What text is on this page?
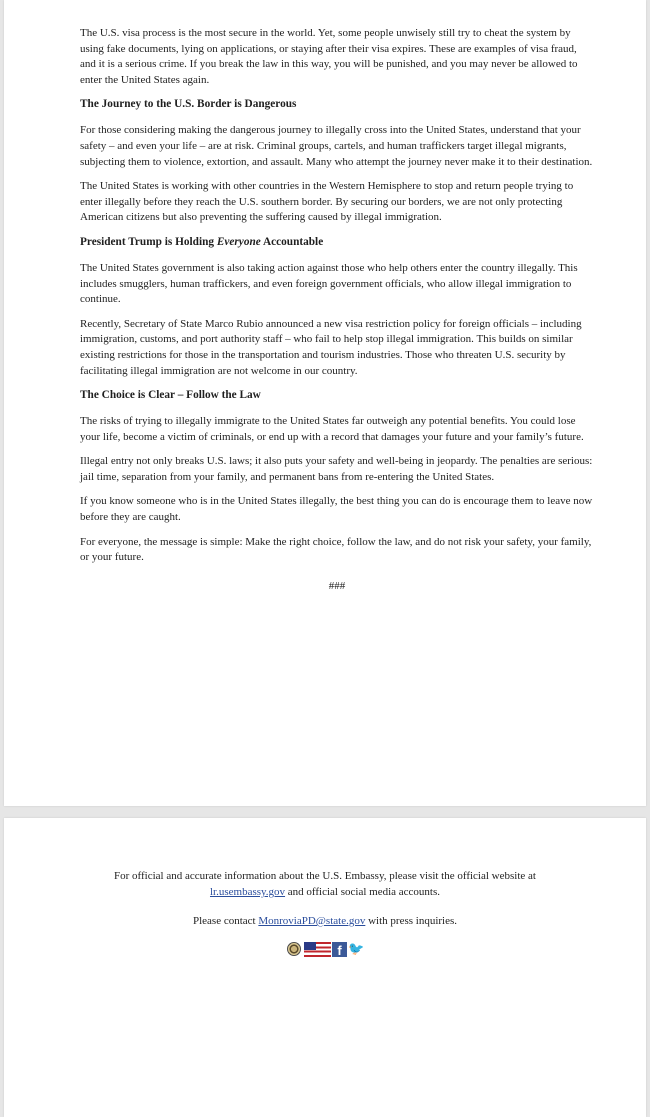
The U.S. visa process is the most secure in the world. Yet, some people unwisely still try to cheat the system by using fake documents, lying on applications, or staying after their visa expires. These are examples of visa fraud, and it is a serious crime. If you break the law in this way, you will be punished, and you may never be allowed to enter the United States again.

The Journey to the U.S. Border is Dangerous

For those considering making the dangerous journey to illegally cross into the United States, understand that your safety – and even your life – are at risk. Criminal groups, cartels, and human traffickers target illegal migrants, subjecting them to violence, extortion, and assault. Many who attempt the journey never make it to their destination.

The United States is working with other countries in the Western Hemisphere to stop and return people trying to enter illegally before they reach the U.S. southern border. By securing our borders, we are not only protecting American citizens but also preventing the suffering caused by illegal immigration.

President Trump is Holding Everyone Accountable

The United States government is also taking action against those who help others enter the country illegally. This includes smugglers, human traffickers, and even foreign government officials, who allow illegal immigration to continue.

Recently, Secretary of State Marco Rubio announced a new visa restriction policy for foreign officials – including immigration, customs, and port authority staff – who fail to help stop illegal immigration. This builds on similar existing restrictions for those in the transportation and tourism industries. Those who threaten U.S. security by facilitating illegal immigration are not welcome in our country.

The Choice is Clear – Follow the Law

The risks of trying to illegally immigrate to the United States far outweigh any potential benefits. You could lose your life, become a victim of criminals, or end up with a record that damages your future and your family’s future.

Illegal entry not only breaks U.S. laws; it also puts your safety and well-being in jeopardy. The penalties are serious: jail time, separation from your family, and permanent bans from re-entering the United States.

If you know someone who is in the United States illegally, the best thing you can do is encourage them to leave now before they are caught.

For everyone, the message is simple: Make the right choice, follow the law, and do not risk your safety, your family, or your future.

###

For official and accurate information about the U.S. Embassy, please visit the official website at

lr.usembassy.gov and official social media accounts.

Please contact MonroviaPD@state.gov with press inquiries.

f 🐦
